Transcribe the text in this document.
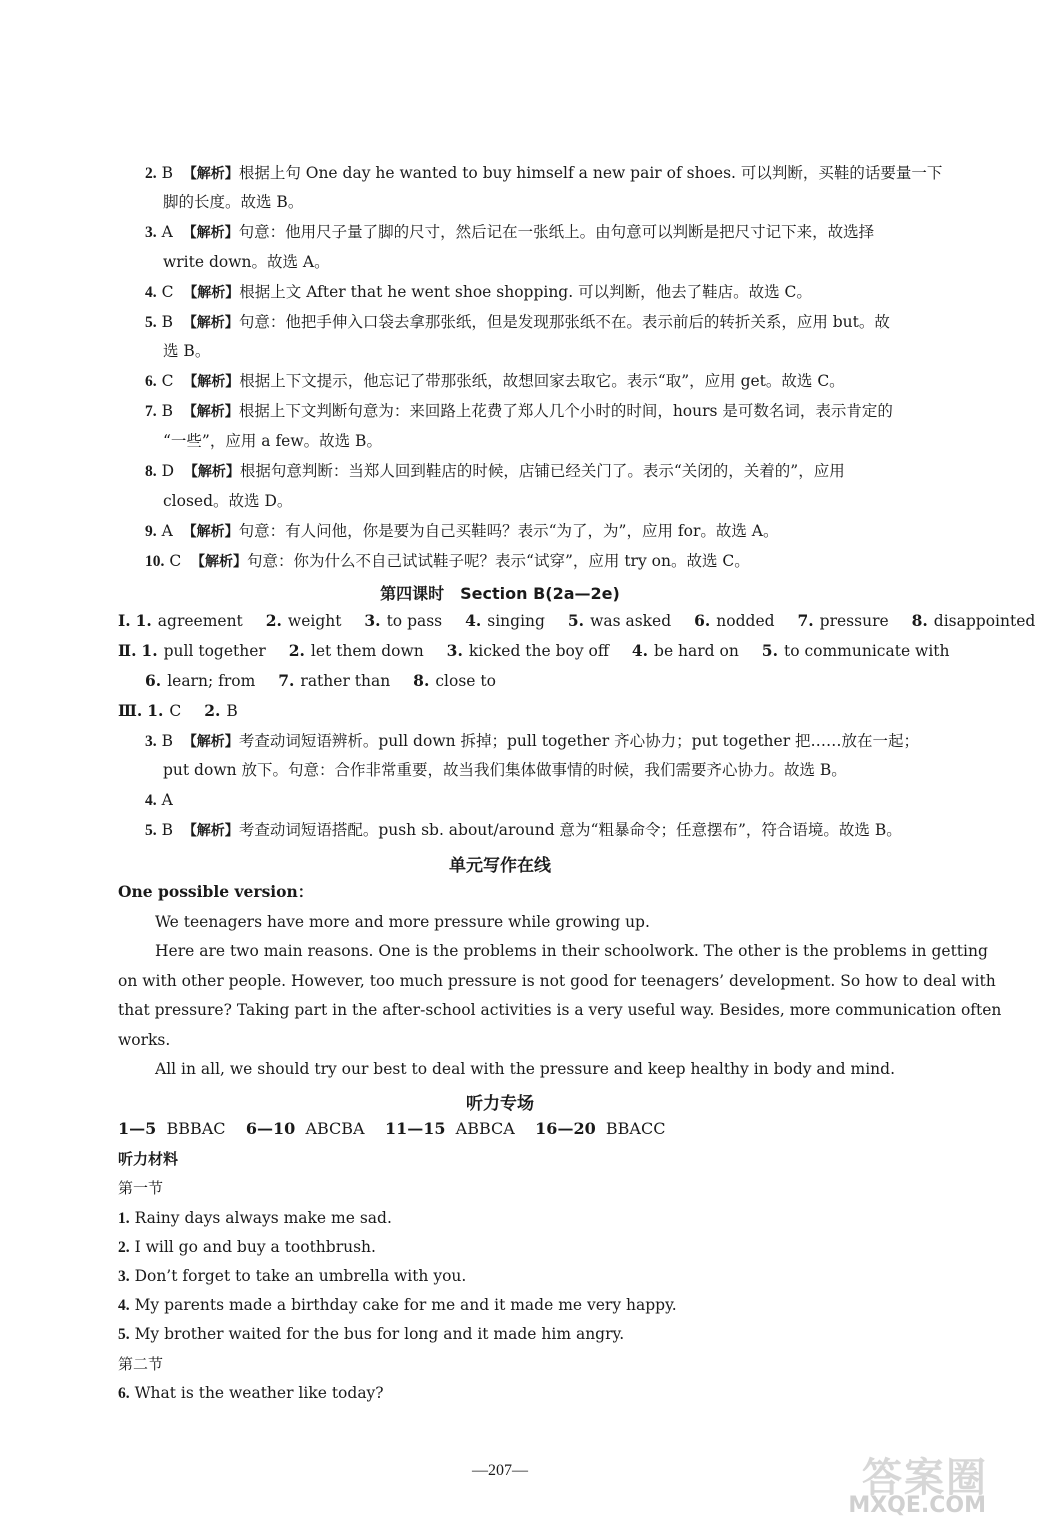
2. B 【解析】根据上句 One day he wanted to buy himself a new pair of shoes. 可以判断，买鞋的话要量一下
脚的长度。故选 B。
3. A 【解析】句意：他用尺子量了脚的尺寸，然后记在一张纸上。由句意可以判断是把尺寸记下来，故选择
write down。故选 A。
4. C 【解析】根据上文 After that he went shoe shopping. 可以判断，他去了鞋店。故选 C。
5. B 【解析】句意：他把手伸入口袋去拿那张纸，但是发现那张纸不在。表示前后的转折关系，应用 but。故
选 B。
6. C 【解析】根据上下文提示，他忘记了带那张纸，故想回家去取它。表示“取”，应用 get。故选 C。
7. B 【解析】根据上下文判断句意为：来回路上花费了郑人几个小时的时间，hours 是可数名词，表示肯定的
“一些”，应用 a few。故选 B。
8. D 【解析】根据句意判断：当郑人回到鞋店的时候，店铺已经关门了。表示“关闭的，关着的”，应用
closed。故选 D。
9. A 【解析】句意：有人问他，你是要为自己买鞋吗？表示“为了，为”，应用 for。故选 A。
10. C 【解析】句意：你为什么不自己试试鞋子呢？表示“试穿”，应用 try on。故选 C。
第四课时　Section B(2a—2e)
Ⅰ. 1. agreement 2. weight 3. to pass 4. singing 5. was asked 6. nodded 7. pressure 8. disappointed
Ⅱ. 1. pull together 2. let them down 3. kicked the boy off 4. be hard on 5. to communicate with
6. learn; from 7. rather than 8. close to
Ⅲ. 1. C 2. B
3. B 【解析】考查动词短语辨析。pull down 拆掉；pull together 齐心协力；put together 把……放在一起；
put down 放下。句意：合作非常重要，故当我们集体做事情的时候，我们需要齐心协力。故选 B。
4. A
5. B 【解析】考查动词短语搭配。push sb. about/around 意为“粗暴命令；任意摆布”，符合语境。故选 B。
单元写作在线
One possible version：
We teenagers have more and more pressure while growing up.
Here are two main reasons. One is the problems in their schoolwork. The other is the problems in getting
on with other people. However, too much pressure is not good for teenagers’ development. So how to deal with
that pressure? Taking part in the after-school activities is a very useful way. Besides, more communication often
works.
All in all, we should try our best to deal with the pressure and keep healthy in body and mind.
听力专场
1—5 BBBAC 6—10 ABCBA 11—15 ABBCA 16—20 BBACC
听力材料
第一节
1. Rainy days always make me sad.
2. I will go and buy a toothbrush.
3. Don’t forget to take an umbrella with you.
4. My parents made a birthday cake for me and it made me very happy.
5. My brother waited for the bus for long and it made him angry.
第二节
6. What is the weather like today?
—207—	答案圈
MXQE.COM
